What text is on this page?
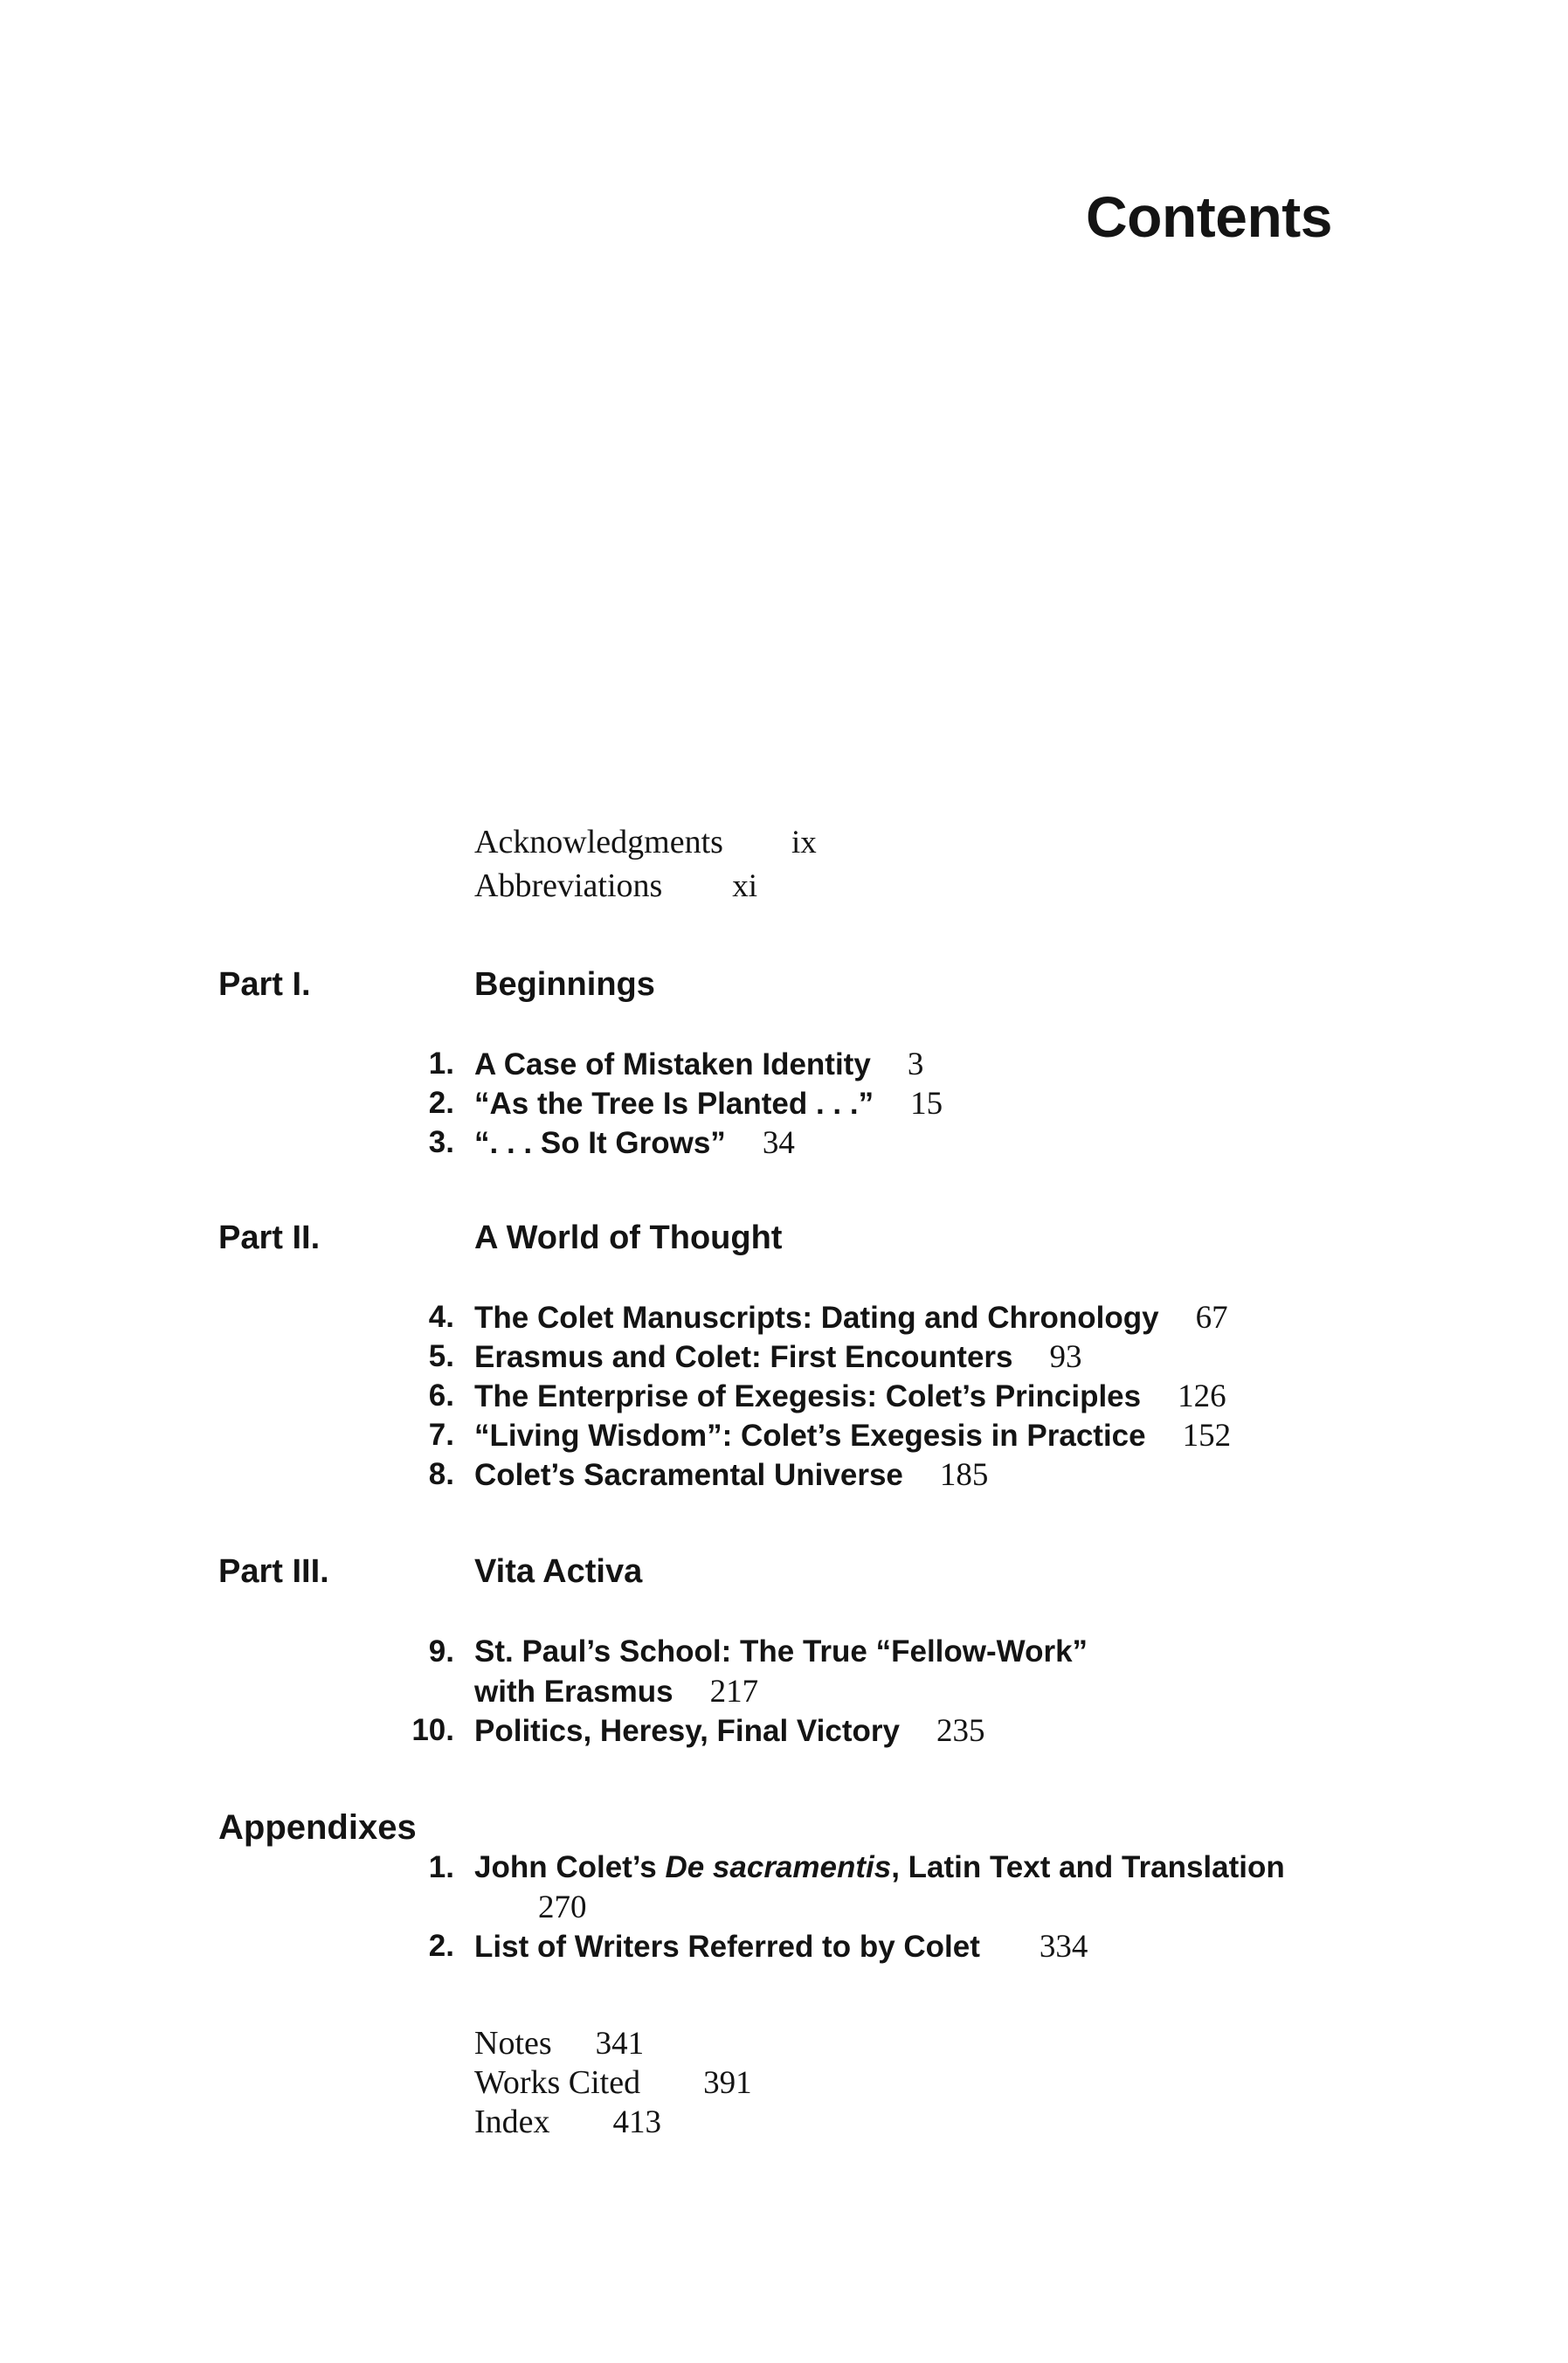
Contents
Acknowledgments ix
Abbreviations xi
Part I.	Beginnings
1. A Case of Mistaken Identity 3
2. “As the Tree Is Planted . . .” 15
3. “. . . So It Grows” 34
Part II.	A World of Thought
4. The Colet Manuscripts: Dating and Chronology 67
5. Erasmus and Colet: First Encounters 93
6. The Enterprise of Exegesis: Colet’s Principles 126
7. “Living Wisdom”: Colet’s Exegesis in Practice 152
8. Colet’s Sacramental Universe 185
Part III.	Vita Activa
9. St. Paul’s School: The True “Fellow-Work”
with Erasmus 217
10. Politics, Heresy, Final Victory 235
Appendixes
1. John Colet’s De sacramentis, Latin Text and Translation
270
2. List of Writers Referred to by Colet 334
Notes 341
Works Cited 391
Index 413
